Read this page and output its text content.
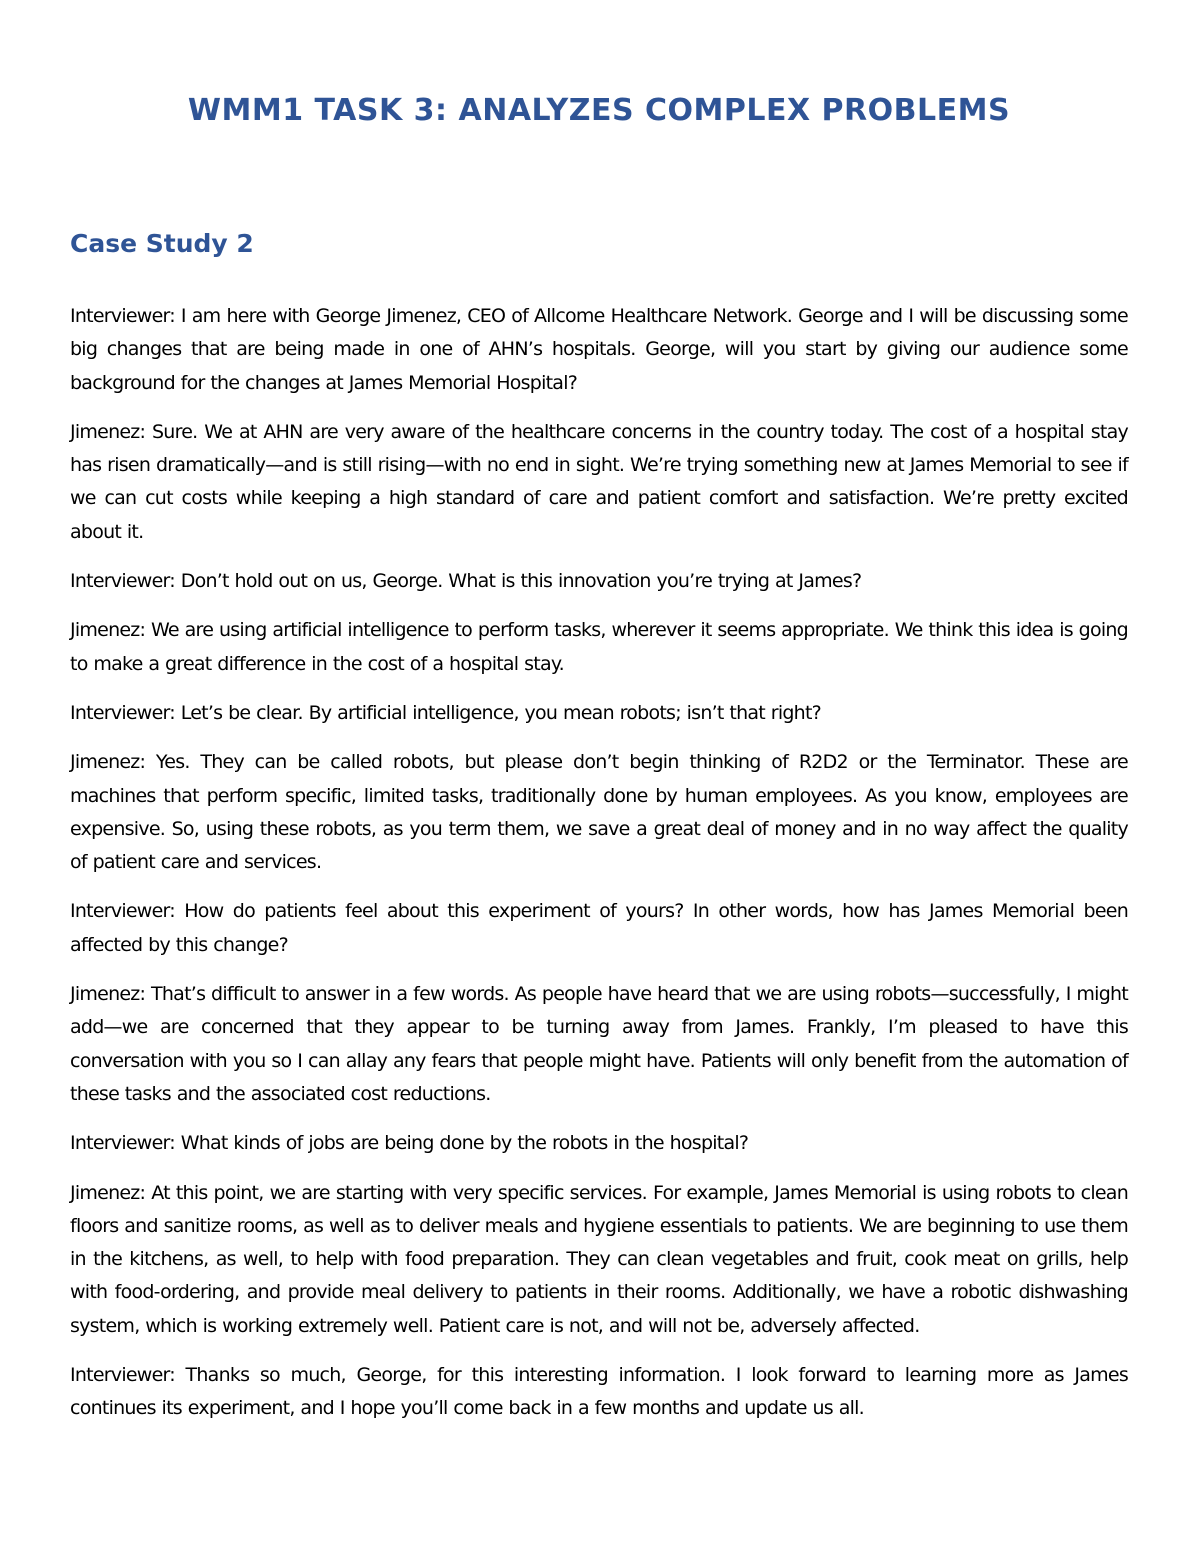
WMM1 TASK 3: ANALYZES COMPLEX PROBLEMS
Case Study 2

Interviewer: I am here with George Jimenez, CEO of Allcome Healthcare Network. George and I will be discussing some big changes that are being made in one of AHN’s hospitals. George, will you start by giving our audience some background for the changes at James Memorial Hospital?

Jimenez: Sure. We at AHN are very aware of the healthcare concerns in the country today. The cost of a hospital stay has risen dramatically—and is still rising—with no end in sight. We’re trying something new at James Memorial to see if we can cut costs while keeping a high standard of care and patient comfort and satisfaction. We’re pretty excited about it.

Interviewer: Don’t hold out on us, George. What is this innovation you’re trying at James?

Jimenez: We are using artificial intelligence to perform tasks, wherever it seems appropriate. We think this idea is going to make a great difference in the cost of a hospital stay.

Interviewer: Let’s be clear. By artificial intelligence, you mean robots; isn’t that right?

Jimenez: Yes. They can be called robots, but please don’t begin thinking of R2D2 or the Terminator. These are machines that perform specific, limited tasks, traditionally done by human employees. As you know, employees are expensive. So, using these robots, as you term them, we save a great deal of money and in no way affect the quality of patient care and services.

Interviewer: How do patients feel about this experiment of yours? In other words, how has James Memorial been affected by this change?

Jimenez: That’s difficult to answer in a few words. As people have heard that we are using robots—successfully, I might add—we are concerned that they appear to be turning away from James. Frankly, I’m pleased to have this conversation with you so I can allay any fears that people might have. Patients will only benefit from the automation of these tasks and the associated cost reductions.

Interviewer: What kinds of jobs are being done by the robots in the hospital?

Jimenez: At this point, we are starting with very specific services. For example, James Memorial is using robots to clean floors and sanitize rooms, as well as to deliver meals and hygiene essentials to patients. We are beginning to use them in the kitchens, as well, to help with food preparation. They can clean vegetables and fruit, cook meat on grills, help with food-ordering, and provide meal delivery to patients in their rooms. Additionally, we have a robotic dishwashing system, which is working extremely well. Patient care is not, and will not be, adversely affected.

Interviewer: Thanks so much, George, for this interesting information. I look forward to learning more as James continues its experiment, and I hope you’ll come back in a few months and update us all.
